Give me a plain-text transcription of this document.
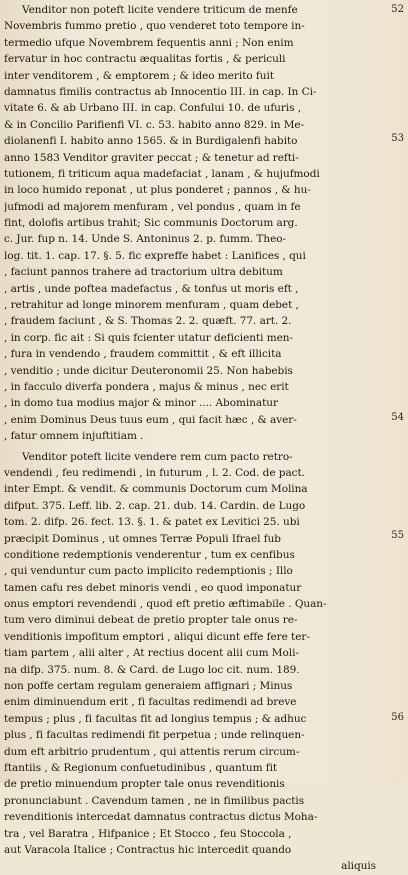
Venditor non poteft licite vendere triticum de menfe
Novembris fummo pretio , quo venderet toto tempore in-
termedio ufque Novembrem fequentis anni ; Non enim
fervatur in hoc contractu æqualitas fortis , & periculi
inter venditorem , & emptorem ; & ideo merito fuit
damnatus fimilis contractus ab Innocentio III. in cap. In Ci-
vitate 6. & ab Urbano III. in cap. Confului 10. de ufuris ,
& in Concilio Parifienfi VI. c. 53. habito anno 829. in Me-
diolanenfi I. habito anno 1565. & in Burdigalenfi habito
anno 1583 Venditor graviter peccat ; & tenetur ad refti-
tutionem, fi triticum aqua madefaciat , lanam , & hujufmodi
in loco humido reponat , ut plus ponderet ; pannos , & hu-
jufmodi ad majorem menfuram , vel pondus , quam in fe
fint, dolofis artibus trahit; Sic communis Doctorum arg.
c. Jur. fup n. 14. Unde S. Antoninus 2. p. fumm. Theo-
log. tit. 1. cap. 17. §. 5. fic expreffe habet : Lanifices , qui
, faciunt pannos trahere ad tractorium ultra debitum
, artis , unde poftea madefactus , & tonfus ut moris eft ,
, retrahitur ad longe minorem menfuram , quam debet ,
, fraudem faciunt , & S. Thomas 2. 2. quæft. 77. art. 2.
, in corp. fic ait : Si quis fcienter utatur deficienti men-
, fura in vendendo , fraudem committit , & eft illicita
, venditio ; unde dicitur Deuteronomii 25. Non habebis
, in facculo diverfa pondera , majus & minus , nec erit
, in domo tua modius major & minor .... Abominatur
, enim Dominus Deus tuus eum , qui facit hæc , & aver-
, fatur omnem injuftitiam .
Venditor poteft licite vendere rem cum pacto retro-
vendendi , feu redimendi , in futurum , l. 2. Cod. de pact.
inter Empt. & vendit. & communis Doctorum cum Molina
difput. 375. Leff. lib. 2. cap. 21. dub. 14. Cardin. de Lugo
tom. 2. difp. 26. fect. 13. §. 1. & patet ex Levitici 25. ubi
præcipit Dominus , ut omnes Terræ Populi Ifrael fub
conditione redemptionis venderentur , tum ex cenfibus
, qui venduntur cum pacto implicito redemptionis ; Illo
tamen cafu res debet minoris vendi , eo quod imponatur
onus emptori revendendi , quod eft pretio æftimabile . Quan-
tum vero diminui debeat de pretio propter tale onus re-
venditionis impofitum emptori , aliqui dicunt effe fere ter-
tiam partem , alii alter , At rectius docent alii cum Moli-
na difp. 375. num. 8. & Card. de Lugo loc cit. num. 189.
non poffe certam regulam generaiem affignari ; Minus
enim diminuendum erit , fi facultas redimendi ad breve
tempus ; plus , fi facultas fit ad longius tempus ; & adhuc
plus , fi facultas redimendi fit perpetua ; unde relinquen-
dum eft arbitrio prudentum , qui attentis rerum circum-
ftantiis , & Regionum confuetudinibus , quantum fit
de pretio minuendum propter tale onus revenditionis
pronunciabunt . Cavendum tamen , ne in fimilibus pactis
revenditionis intercedat damnatus contractus dictus Moha-
tra , vel Baratra , Hifpanice ; Et Stocco , feu Stoccola ,
aut Varacola Italice ; Contractus hic intercedit quando
aliquis
52
53
54
55
56
